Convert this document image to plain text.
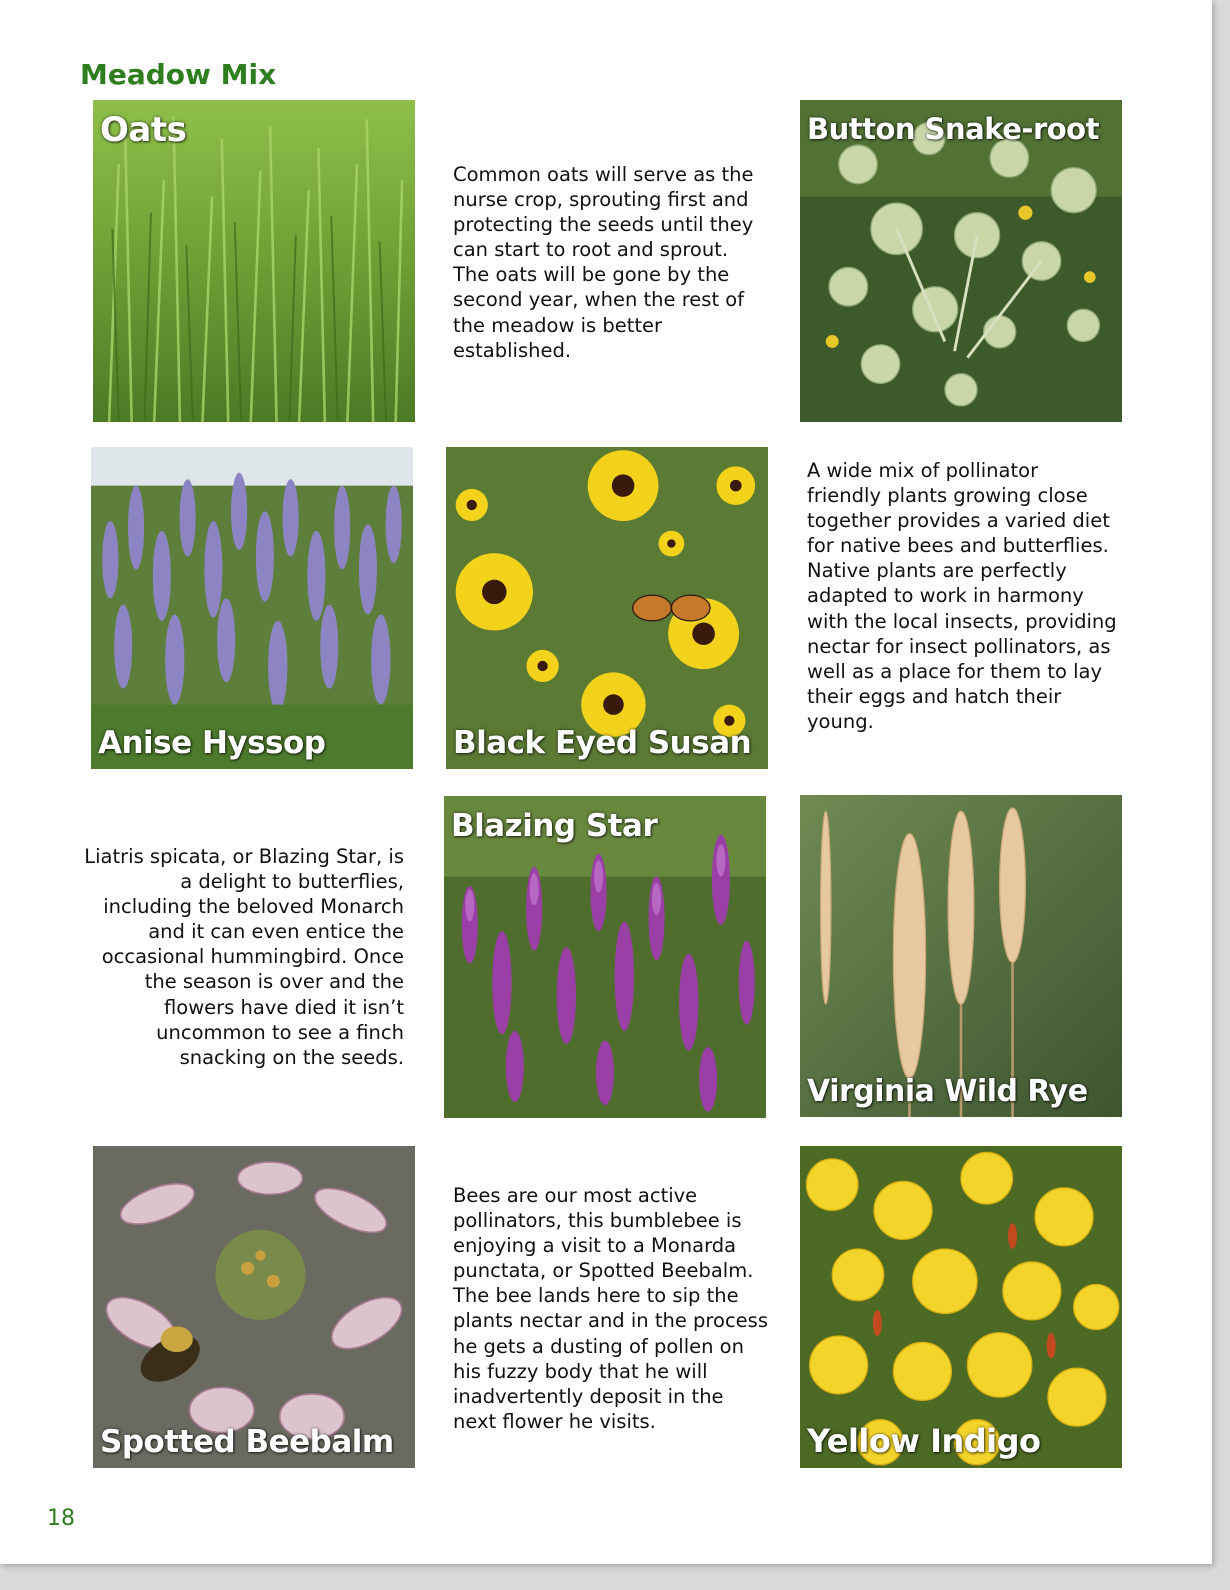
Meadow Mix
Oats
Common oats will serve as the
nurse crop, sprouting first and
protecting the seeds until they
can start to root and sprout.
The oats will be gone by the
second year, when the rest of
the meadow is better
established.
Button Snake-root
Anise Hyssop	Black Eyed Susan
A wide mix of pollinator
friendly plants growing close
together provides a varied diet
for native bees and butterflies.
Native plants are perfectly
adapted to work in harmony
with the local insects, providing
nectar for insect pollinators, as
well as a place for them to lay
their eggs and hatch their
young.
Liatris spicata, or Blazing Star, is
a delight to butterflies,
including the beloved Monarch
and it can even entice the
occasional hummingbird. Once
the season is over and the
flowers have died it isn’t
uncommon to see a finch
snacking on the seeds.
Blazing Star
Virginia Wild Rye
Spotted Beebalm
Bees are our most active
pollinators, this bumblebee is
enjoying a visit to a Monarda
punctata, or Spotted Beebalm.
The bee lands here to sip the
plants nectar and in the process
he gets a dusting of pollen on
his fuzzy body that he will
inadvertently deposit in the
next flower he visits.
Yellow Indigo
18
